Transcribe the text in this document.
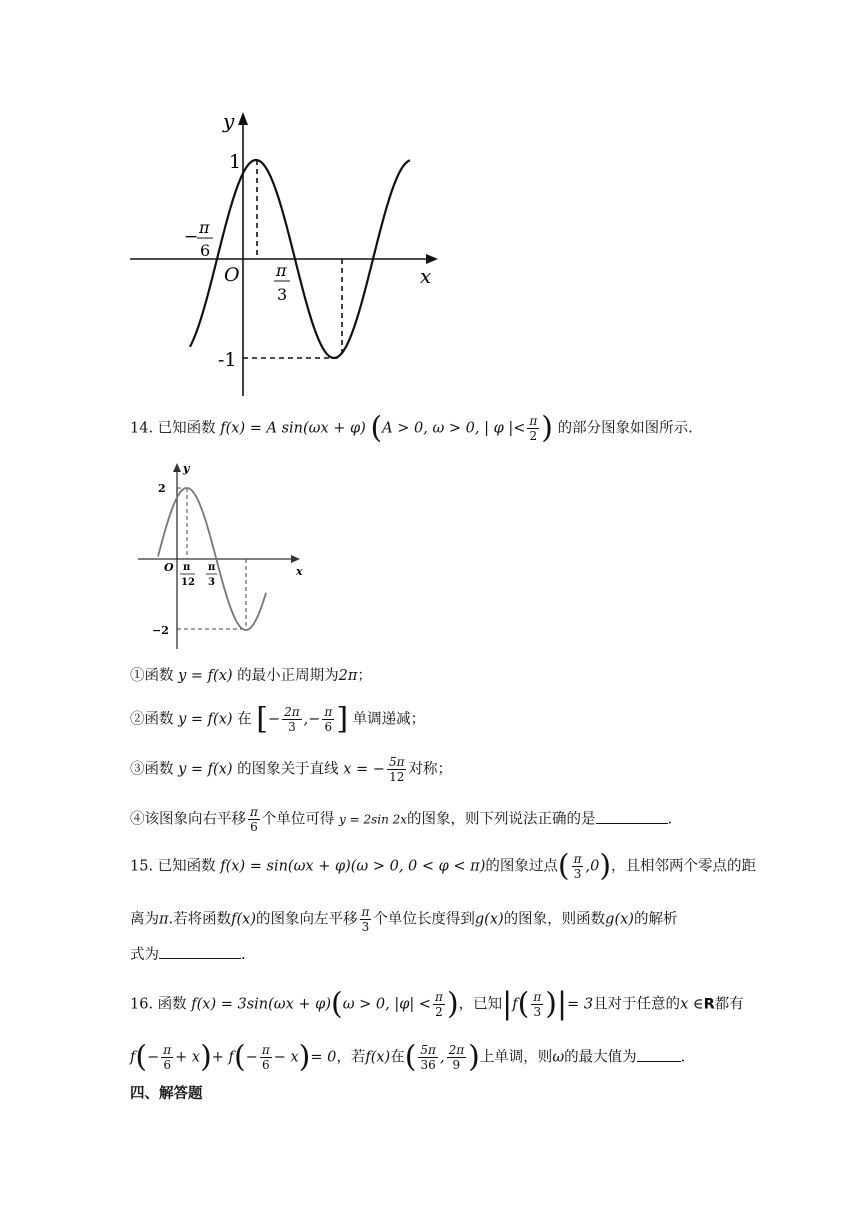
y
x
O
1
-1
− π
6
π
3
14. 已知函数 f(x) = A sin(ωx + φ) (A > 0, ω > 0, | φ |< $\frac{\pi}{2}$ ) 的部分图象如图所示.
y
x
O
2
−2
π
12
π
3
①函数 y = f(x) 的最小正周期为2π；
②函数 y = f(x) 在 [− $\frac{2\pi}{3}$ ,− $\frac{\pi}{6}$ ] 单调递减；
③函数 y = f(x) 的图象关于直线 x = − $\frac{5\pi}{12}$ 对称；
④该图象向右平移 $\frac{\pi}{6}$ 个单位可得 y = 2sin 2x的图象，则下列说法正确的是	.
15. 已知函数 f(x) = sin(ωx + φ)(ω > 0, 0 < φ < π)的图象过点( $\frac{\pi}{3} ,0$)，且相邻两个零点的距
离为π.若将函数f(x)的图象向左平移 $\frac{\pi}{3}$ 个单位长度得到g(x)的图象，则函数g(x)的解析
式为	.
16. 函数 f(x) = 3sin(ωx + φ)(ω > 0, $|\varphi| < \frac{\pi}{2}$ )，已知$|f( \frac{\pi}{3}$ )|= 3且对于任意的x ∈R都有
$f(- \frac{\pi}{6} + x)+ f(- \frac{\pi}{6} - x)= 0$，若f(x)在( $\frac{5\pi}{36}$ , $\frac{2\pi}{9}$ )上单调，则ω的最大值为	.
四、解答题
